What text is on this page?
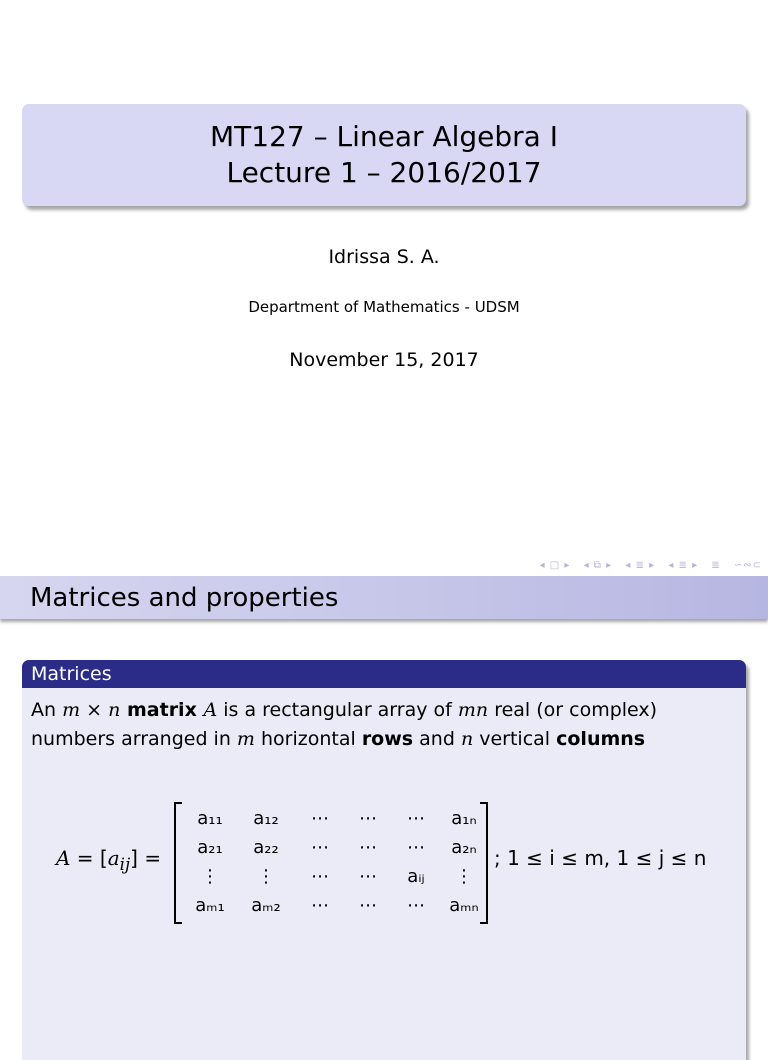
MT127 – Linear Algebra I
Lecture 1 – 2016/2017
Idrissa S. A.
Department of Mathematics - UDSM
November 15, 2017
◂ □ ▸ ◂ ⧉ ▸ ◂ ≣ ▸ ◂ ≣ ▸ ≣ ∽∾⊂
Matrices and properties
Matrices
An m × n matrix A is a rectangular array of mn real (or complex)
numbers arranged in m horizontal rows and n vertical columns
$A = [a_{ij}]$ =
a₁₁	a₁₂	⋯	⋯	⋯	a₁ₙ
a₂₁	a₂₂	⋯	⋯	⋯	a₂ₙ
⋮	⋮	⋯	⋯	aᵢⱼ	⋮
aₘ₁	aₘ₂	⋯	⋯	⋯	aₘₙ
; 1 ≤ i ≤ m, 1 ≤ j ≤ n
